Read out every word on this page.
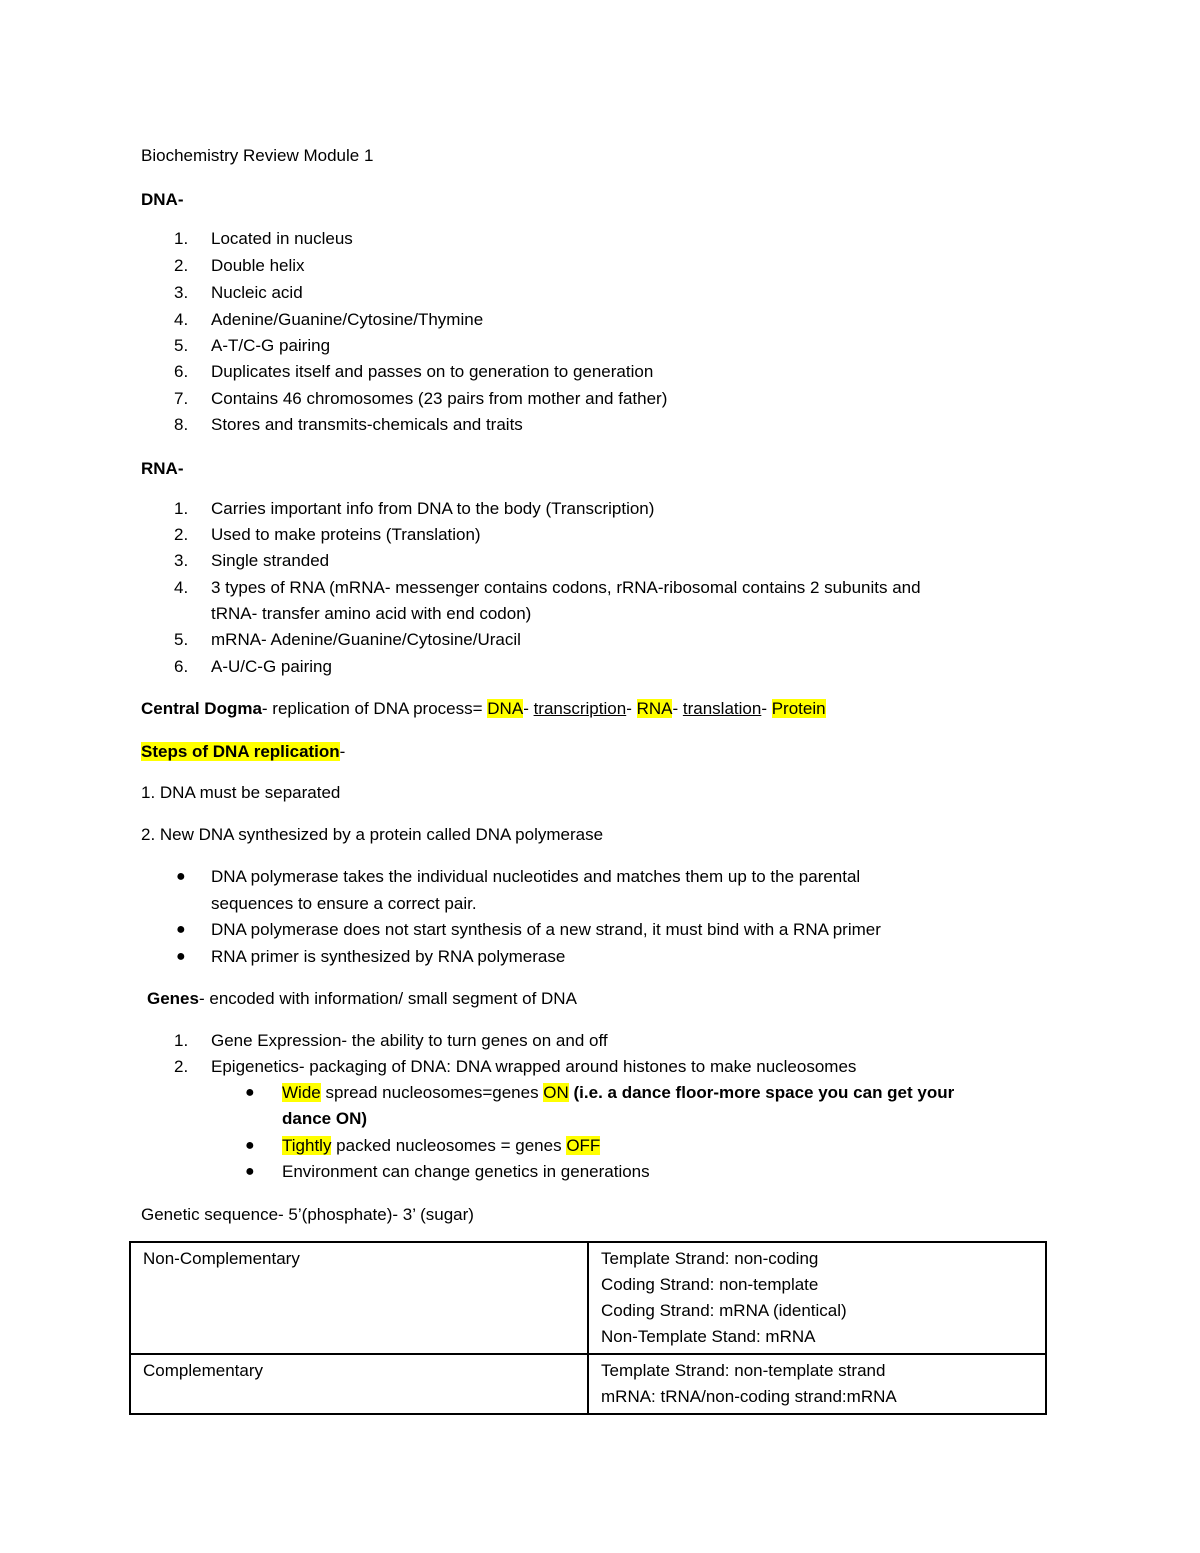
Biochemistry Review Module 1
DNA-
1. Located in nucleus
2. Double helix
3. Nucleic acid
4. Adenine/Guanine/Cytosine/Thymine
5. A-T/C-G pairing
6. Duplicates itself and passes on to generation to generation
7. Contains 46 chromosomes (23 pairs from mother and father)
8. Stores and transmits-chemicals and traits
RNA-
1. Carries important info from DNA to the body (Transcription)
2. Used to make proteins (Translation)
3. Single stranded
4. 3 types of RNA (mRNA- messenger contains codons, rRNA-ribosomal contains 2 subunits and
tRNA- transfer amino acid with end codon)
5. mRNA- Adenine/Guanine/Cytosine/Uracil
6. A-U/C-G pairing
Central Dogma- replication of DNA process= DNA- transcription- RNA- translation- Protein
Steps of DNA replication-
1. DNA must be separated
2. New DNA synthesized by a protein called DNA polymerase
● DNA polymerase takes the individual nucleotides and matches them up to the parental
sequences to ensure a correct pair.
● DNA polymerase does not start synthesis of a new strand, it must bind with a RNA primer
● RNA primer is synthesized by RNA polymerase
Genes- encoded with information/ small segment of DNA
1. Gene Expression- the ability to turn genes on and off
2. Epigenetics- packaging of DNA: DNA wrapped around histones to make nucleosomes
● Wide spread nucleosomes=genes ON (i.e. a dance floor-more space you can get your
dance ON)
● Tightly packed nucleosomes = genes OFF
● Environment can change genetics in generations
Genetic sequence- 5’(phosphate)- 3’ (sugar)
Non-Complementary	Template Strand: non-coding
Coding Strand: non-template
Coding Strand: mRNA (identical)
Non-Template Stand: mRNA

Complementary	Template Strand: non-template strand
mRNA: tRNA/non-coding strand:mRNA
